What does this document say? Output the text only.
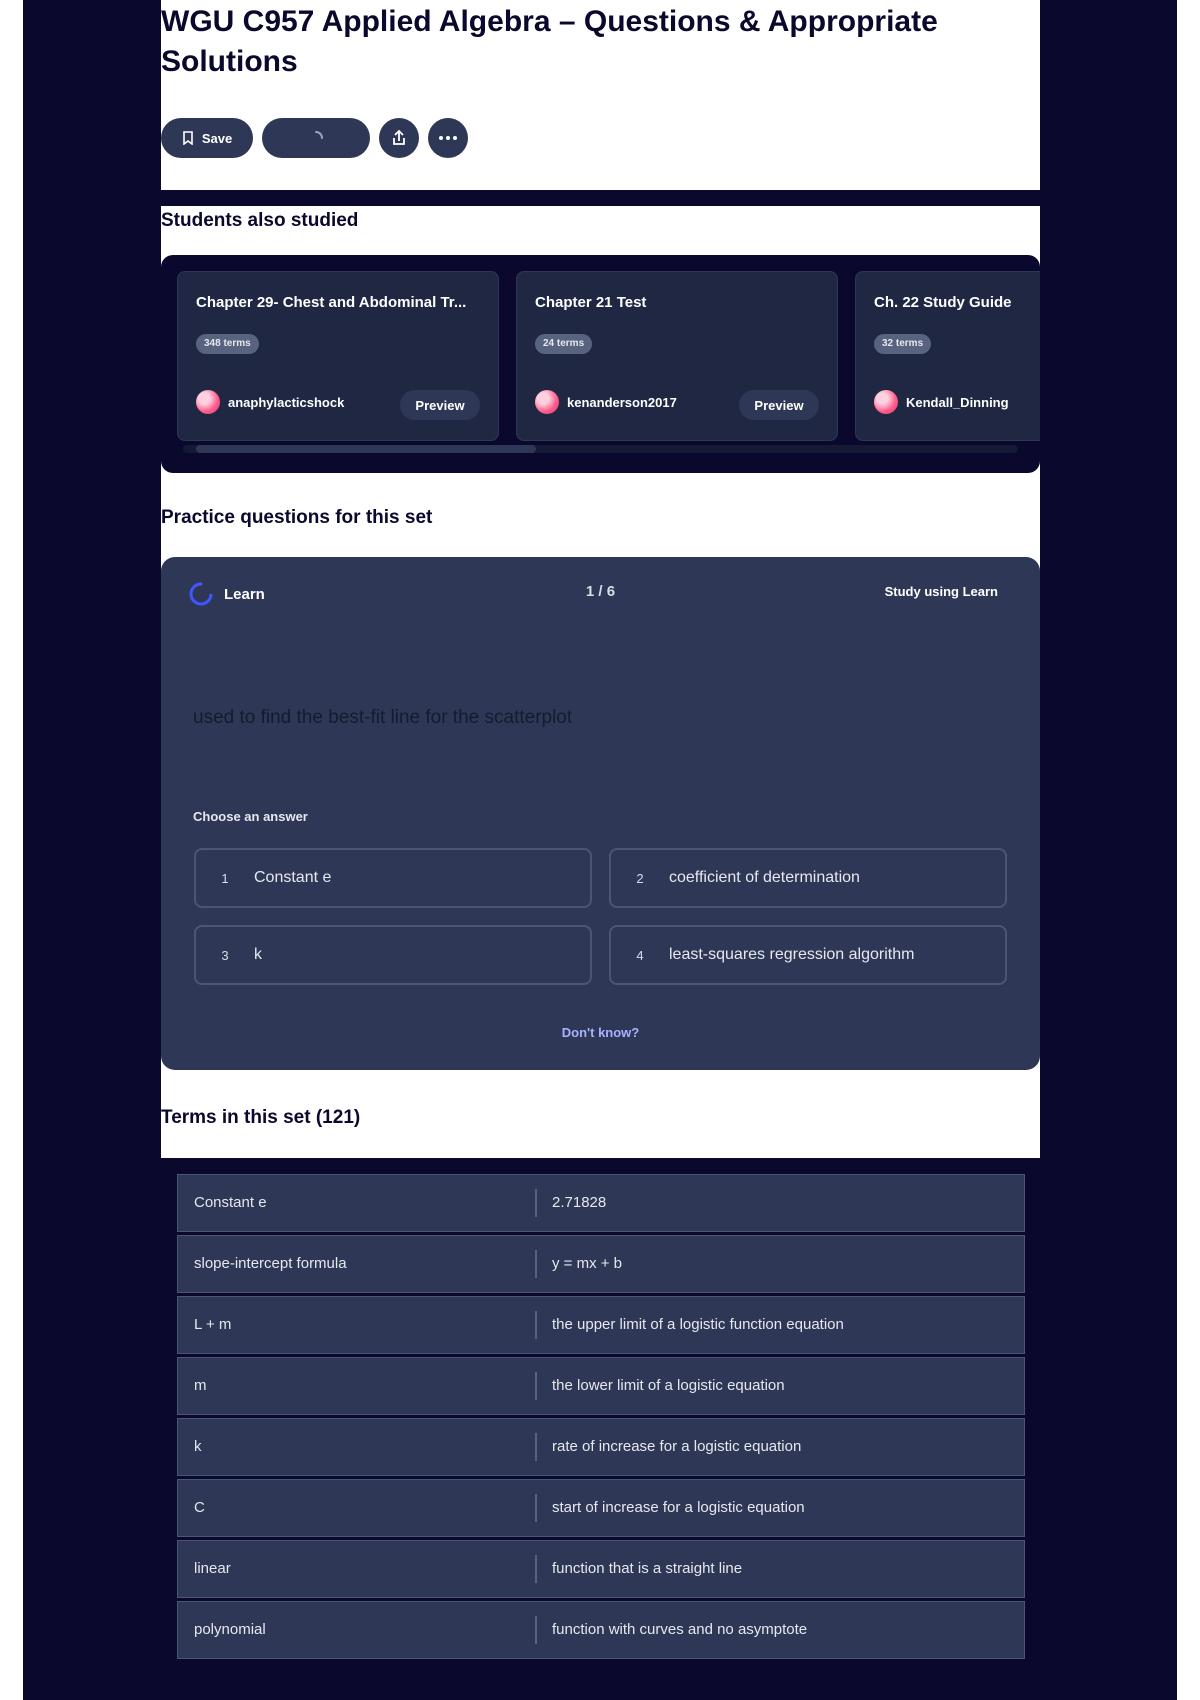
WGU C957 Applied Algebra – Questions & Appropriate Solutions
Save
Students also studied
Chapter 29- Chest and Abdominal Tr...
348 terms
anaphylacticshock	Preview
Chapter 21 Test
24 terms
kenanderson2017	Preview
Ch. 22 Study Guide
32 terms
Kendall_Dinning
Practice questions for this set
Learn	1 / 6	Study using Learn
used to find the best-fit line for the scatterplot
Choose an answer
1	Constant e	2	coefficient of determination
3	k	4	least-squares regression algorithm
Don't know?
Terms in this set (121)
Constant e	2.71828
slope-intercept formula	y = mx + b
L + m	the upper limit of a logistic function equation
m	the lower limit of a logistic equation
k	rate of increase for a logistic equation
C	start of increase for a logistic equation
linear	function that is a straight line
polynomial	function with curves and no asymptote
